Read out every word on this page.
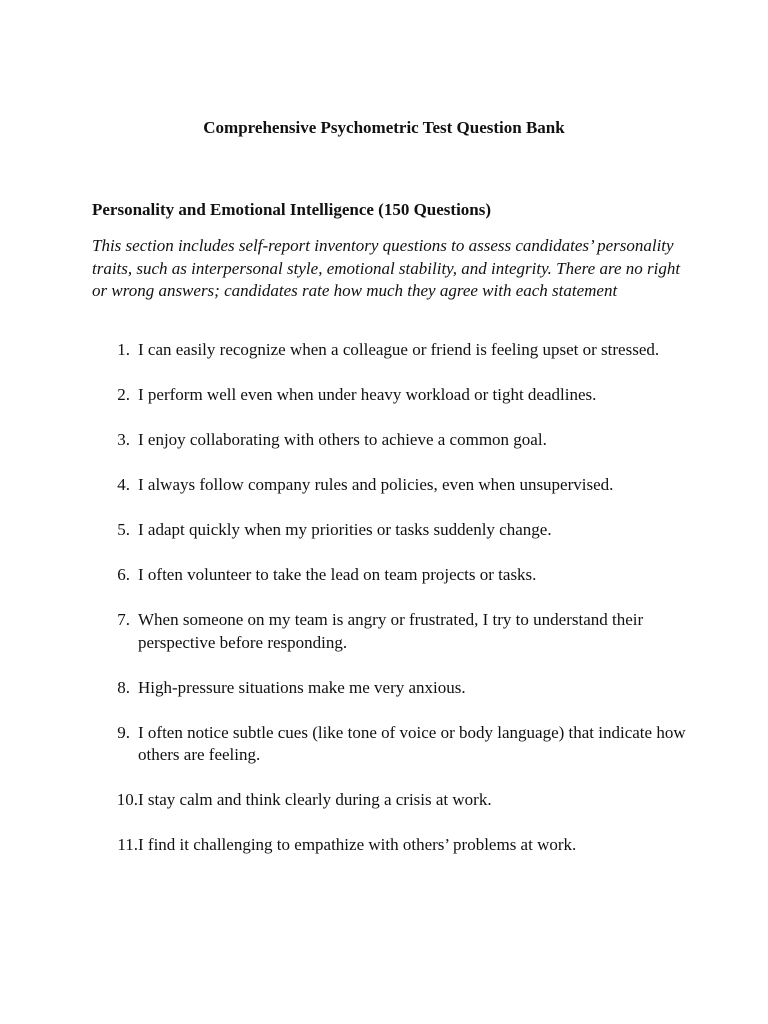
Comprehensive Psychometric Test Question Bank
Personality and Emotional Intelligence (150 Questions)

This section includes self-report inventory questions to assess candidates’ personality traits, such as interpersonal style, emotional stability, and integrity. There are no right or wrong answers; candidates rate how much they agree with each statement

1. I can easily recognize when a colleague or friend is feeling upset or stressed.
2. I perform well even when under heavy workload or tight deadlines.
3. I enjoy collaborating with others to achieve a common goal.
4. I always follow company rules and policies, even when unsupervised.
5. I adapt quickly when my priorities or tasks suddenly change.
6. I often volunteer to take the lead on team projects or tasks.
7. When someone on my team is angry or frustrated, I try to understand their perspective before responding.
8. High-pressure situations make me very anxious.
9. I often notice subtle cues (like tone of voice or body language) that indicate how others are feeling.
10. I stay calm and think clearly during a crisis at work.
11. I find it challenging to empathize with others’ problems at work.
